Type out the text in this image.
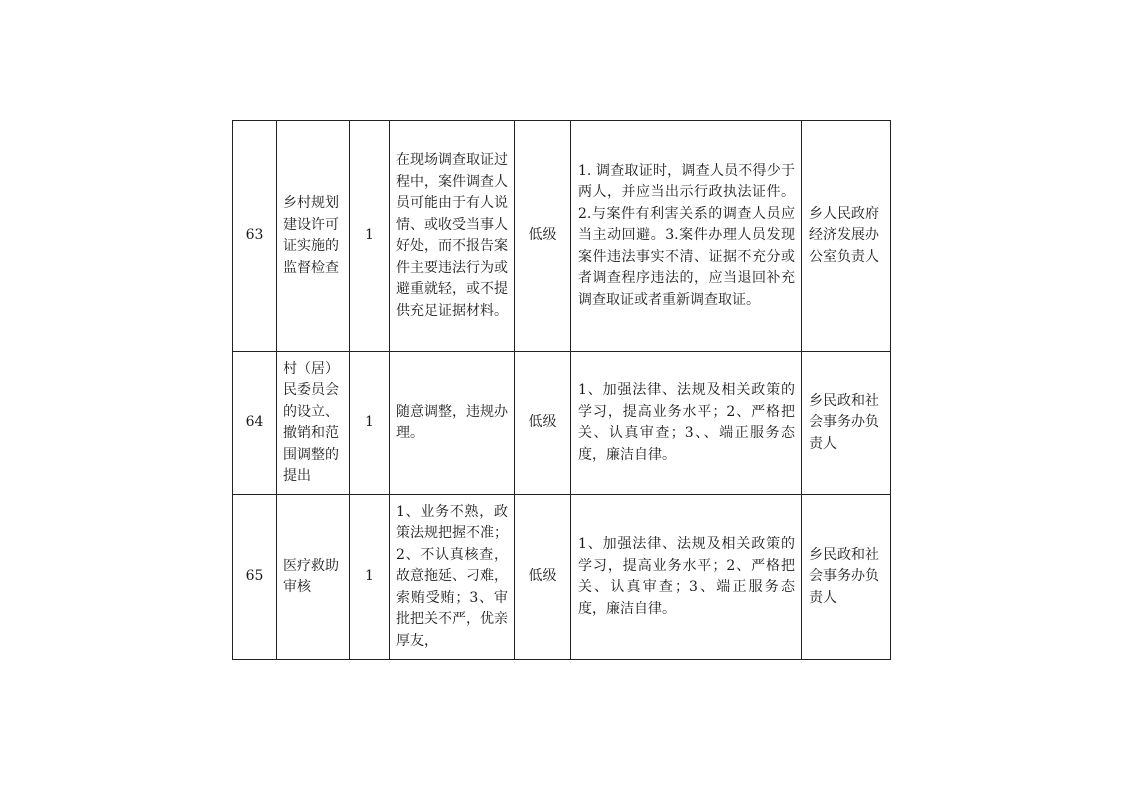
63	乡村规划建设许可证实施的监督检查	1	在现场调查取证过程中，案件调查人员可能由于有人说情、或收受当事人好处，而不报告案件主要违法行为或避重就轻，或不提供充足证据材料。	低级	1. 调查取证时，调查人员不得少于两人，并应当出示行政执法证件。2.与案件有利害关系的调查人员应当主动回避。3.案件办理人员发现案件违法事实不清、证据不充分或者调查程序违法的，应当退回补充调查取证或者重新调查取证。	乡人民政府经济发展办公室负责人
64	村（居）民委员会的设立、撤销和范围调整的提出	1	随意调整，违规办理。	低级	1、加强法律、法规及相关政策的学习，提高业务水平；2、严格把关、认真审查；3、、端正服务态度，廉洁自律。	乡民政和社会事务办负责人
65	医疗救助审核	1	1、业务不熟，政策法规把握不准；2、不认真核查，故意拖延、刁难，索贿受贿；3、审批把关不严，优亲厚友，	低级	1、加强法律、法规及相关政策的学习，提高业务水平；2、严格把关、认真审查；3、端正服务态度，廉洁自律。	乡民政和社会事务办负责人
